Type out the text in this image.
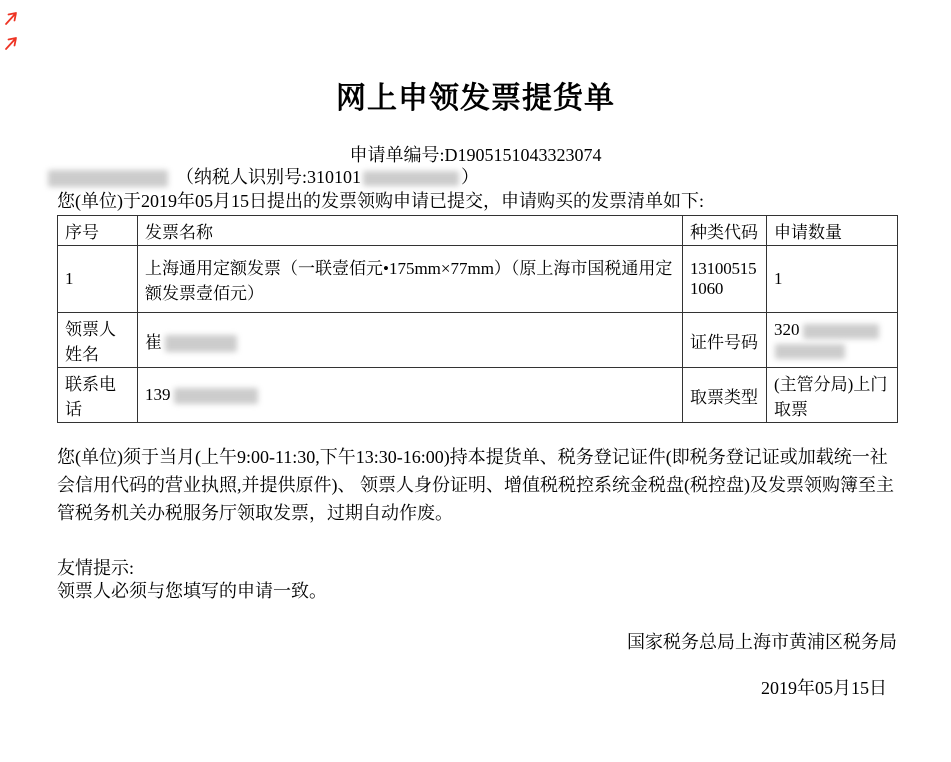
网上申领发票提货单
申请单编号:D1905151043323074
（纳税人识别号:310101	）
您(单位)于2019年05月15日提出的发票领购申请已提交，申请购买的发票清单如下:
序号	发票名称	种类代码	申请数量
1	上海通用定额发票（一联壹佰元•175mm×77mm）（原上海市国税通用定额发票壹佰元）	131005151060	1
领票人姓名	崔	证件号码	320

联系电话	139	取票类型	(主管分局)上门取票

您(单位)须于当月(上午9:00-11:30,下午13:30-16:00)持本提货单、税务登记证件(即税务登记证或加载统一社会信用代码的营业执照,并提供原件)、 领票人身份证明、增值税税控系统金税盘(税控盘)及发票领购簿至主管税务机关办税服务厅领取发票，过期自动作废。

友情提示:
领票人必须与您填写的申请一致。
国家税务总局上海市黄浦区税务局
2019年05月15日
